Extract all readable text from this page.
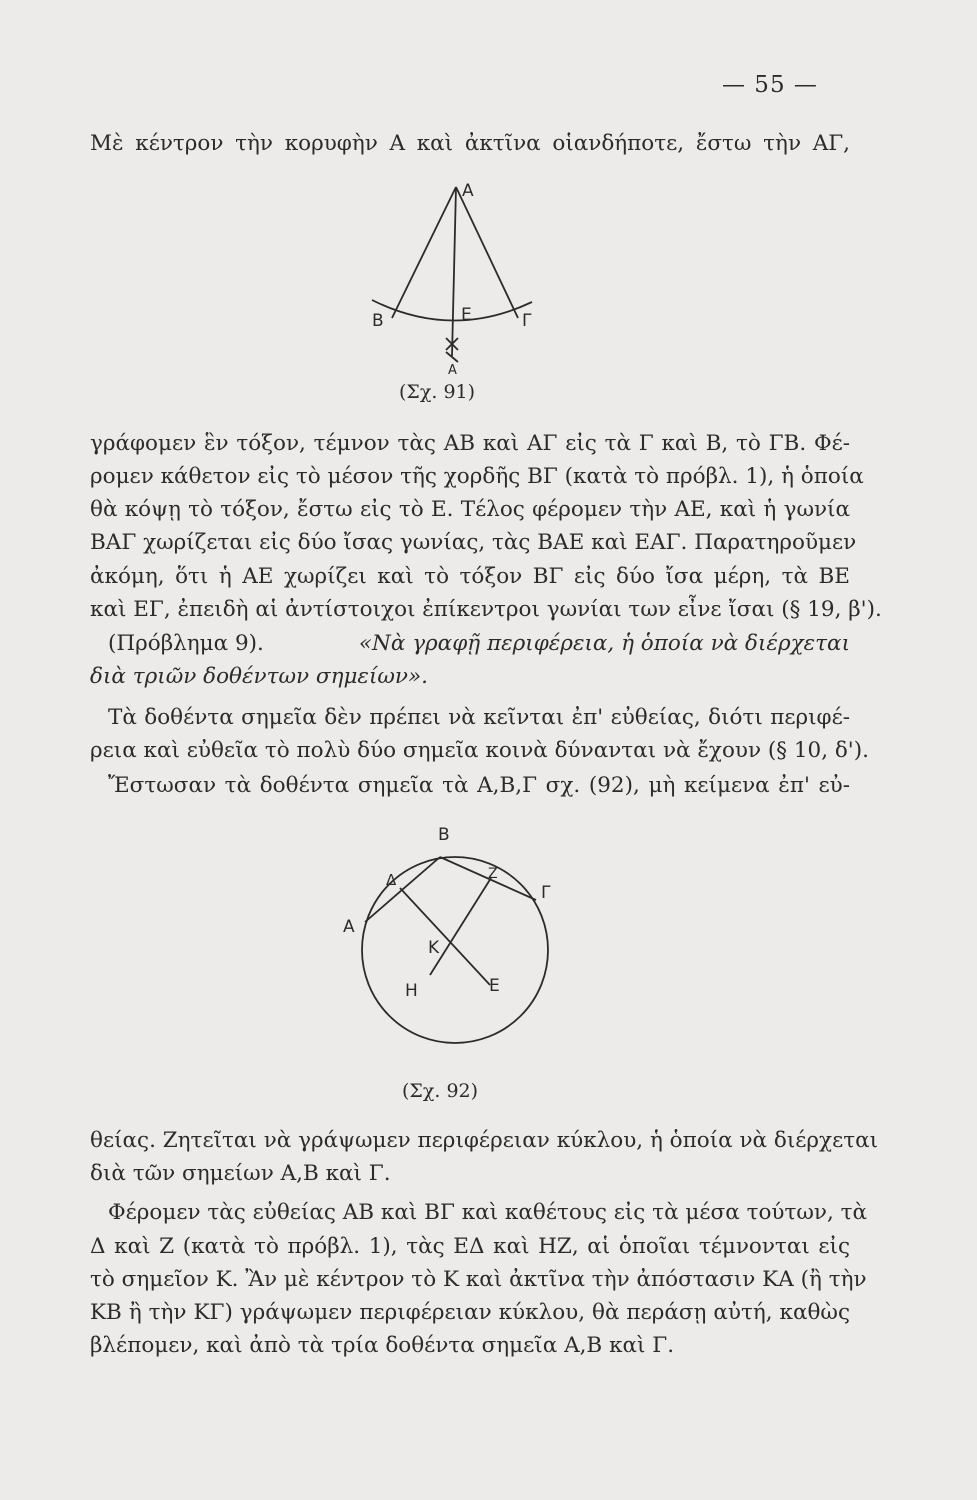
— 55 —
Μὲ κέντρον τὴν κορυφὴν Α καὶ ἀκτῖνα οἱανδήποτε, ἔστω τὴν ΑΓ,
Α
Β	Ε	Γ
Α
Β
Δ	Ζ
Γ
Α
Κ
Η	Ε
(Σχ. 91)
γράφομεν ἓν τόξον, τέμνον τὰς ΑΒ καὶ ΑΓ εἰς τὰ Γ καὶ Β, τὸ ΓΒ. Φέ-
ρομεν κάθετον εἰς τὸ μέσον τῆς χορδῆς ΒΓ (κατὰ τὸ πρόβλ. 1), ἡ ὁποία
θὰ κόψῃ τὸ τόξον, ἔστω εἰς τὸ Ε. Τέλος φέρομεν τὴν ΑΕ, καὶ ἡ γωνία
ΒΑΓ χωρίζεται εἰς δύο ἴσας γωνίας, τὰς ΒΑΕ καὶ ΕΑΓ. Παρατηροῦμεν
ἀκόμη, ὅτι ἡ ΑΕ χωρίζει καὶ τὸ τόξον ΒΓ εἰς δύο ἴσα μέρη, τὰ ΒΕ
καὶ ΕΓ, ἐπειδὴ αἱ ἀντίστοιχοι ἐπίκεντροι γωνίαι των εἶνε ἴσαι (§ 19, β').
(Πρόβλημα 9).	«Νὰ γραφῇ περιφέρεια, ἡ ὁποία νὰ διέρχεται
διὰ τριῶν δοθέντων σημείων».
Τὰ δοθέντα σημεῖα δὲν πρέπει νὰ κεῖνται ἐπ' εὐθείας, διότι περιφέ-
ρεια καὶ εὐθεῖα τὸ πολὺ δύο σημεῖα κοινὰ δύνανται νὰ ἔχουν (§ 10, δ').
Ἔστωσαν τὰ δοθέντα σημεῖα τὰ Α,Β,Γ σχ. (92), μὴ κείμενα ἐπ' εὐ-
(Σχ. 92)
θείας. Ζητεῖται νὰ γράψωμεν περιφέρειαν κύκλου, ἡ ὁποία νὰ διέρχεται
διὰ τῶν σημείων Α,Β καὶ Γ.
Φέρομεν τὰς εὐθείας ΑΒ καὶ ΒΓ καὶ καθέτους εἰς τὰ μέσα τούτων, τὰ
Δ καὶ Ζ (κατὰ τὸ πρόβλ. 1), τὰς ΕΔ καὶ ΗΖ, αἱ ὁποῖαι τέμνονται εἰς
τὸ σημεῖον Κ. Ἂν μὲ κέντρον τὸ Κ καὶ ἀκτῖνα τὴν ἀπόστασιν ΚΑ (ἢ τὴν
ΚΒ ἢ τὴν ΚΓ) γράψωμεν περιφέρειαν κύκλου, θὰ περάσῃ αὐτή, καθὼς
βλέπομεν, καὶ ἀπὸ τὰ τρία δοθέντα σημεῖα Α,Β καὶ Γ.
